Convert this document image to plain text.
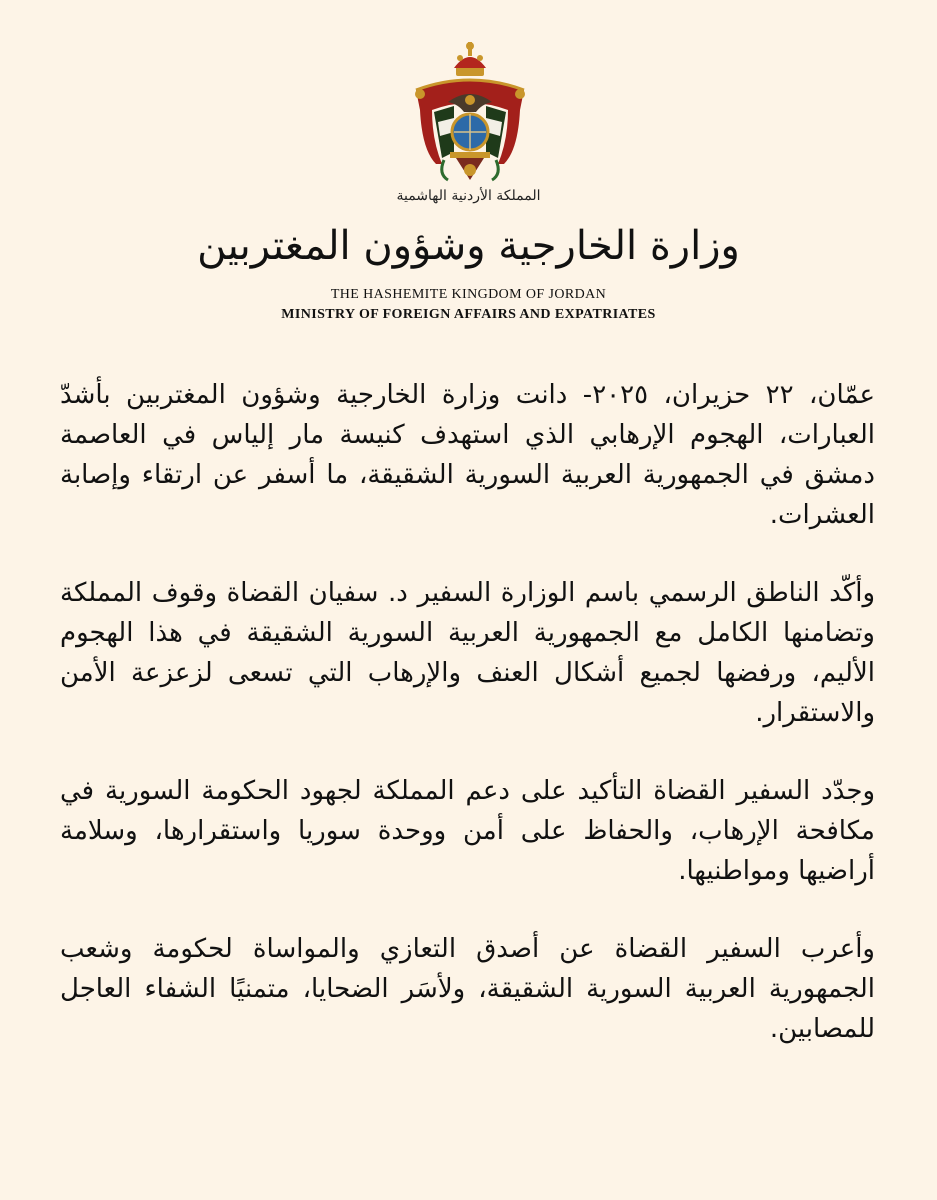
المملكة الأردنية الهاشمية
وزارة الخارجية وشؤون المغتربين
THE HASHEMITE KINGDOM OF JORDAN
MINISTRY OF FOREIGN AFFAIRS AND EXPATRIATES

عمّان، ٢٢ حزيران، ٢٠٢٥- دانت وزارة الخارجية وشؤون المغتربين بأشدّ العبارات، الهجوم الإرهابي الذي استهدف كنيسة مار إلياس في العاصمة دمشق في الجمهورية العربية السورية الشقيقة، ما أسفر عن ارتقاء وإصابة العشرات.

وأكّد الناطق الرسمي باسم الوزارة السفير د. سفيان القضاة وقوف المملكة وتضامنها الكامل مع الجمهورية العربية السورية الشقيقة في هذا الهجوم الأليم، ورفضها لجميع أشكال العنف والإرهاب التي تسعى لزعزعة الأمن والاستقرار.

وجدّد السفير القضاة التأكيد على دعم المملكة لجهود الحكومة السورية في مكافحة الإرهاب، والحفاظ على أمن ووحدة سوريا واستقرارها، وسلامة أراضيها ومواطنيها.

وأعرب السفير القضاة عن أصدق التعازي والمواساة لحكومة وشعب الجمهورية العربية السورية الشقيقة، ولأسَر الضحايا، متمنيًا الشفاء العاجل للمصابين.
